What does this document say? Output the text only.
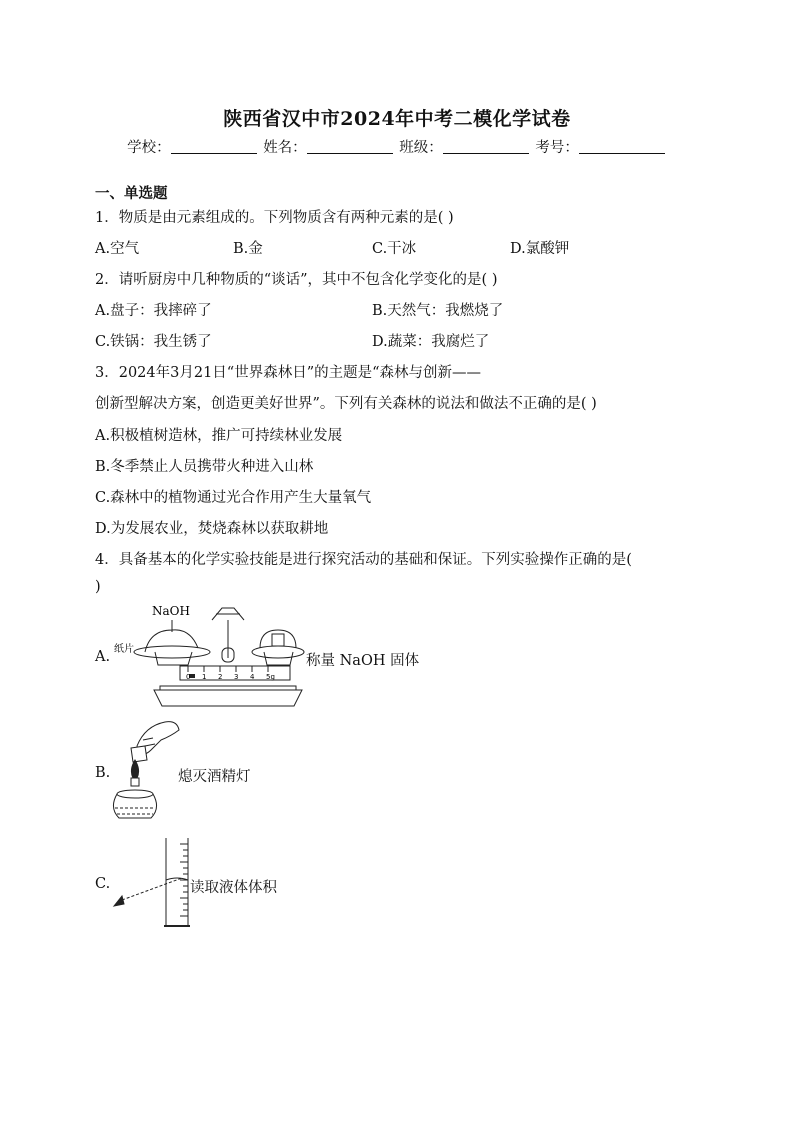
陕西省汉中市2024年中考二模化学试卷
学校：	姓名：	班级：	考号：
一、单选题
1．物质是由元素组成的。下列物质含有两种元素的是( )
A.空气	B.金	C.干冰	D.氯酸钾
2．请听厨房中几种物质的“谈话”，其中不包含化学变化的是( )
A.盘子：我摔碎了	B.天然气：我燃烧了
C.铁锅：我生锈了	D.蔬菜：我腐烂了
3．2024年3月21日“世界森林日”的主题是“森林与创新——
创新型解决方案，创造更美好世界”。下列有关森林的说法和做法不正确的是( )
A.积极植树造林，推广可持续林业发展
B.冬季禁止人员携带火种进入山林
C.森林中的植物通过光合作用产生大量氧气
D.为发展农业，焚烧森林以获取耕地
4．具备基本的化学实验技能是进行探究活动的基础和保证。下列实验操作正确的是(
)
A.
NaOH
纸片
0 1 2 3 4 5g
称量 NaOH 固体
B.	熄灭酒精灯
C.	读取液体体积
